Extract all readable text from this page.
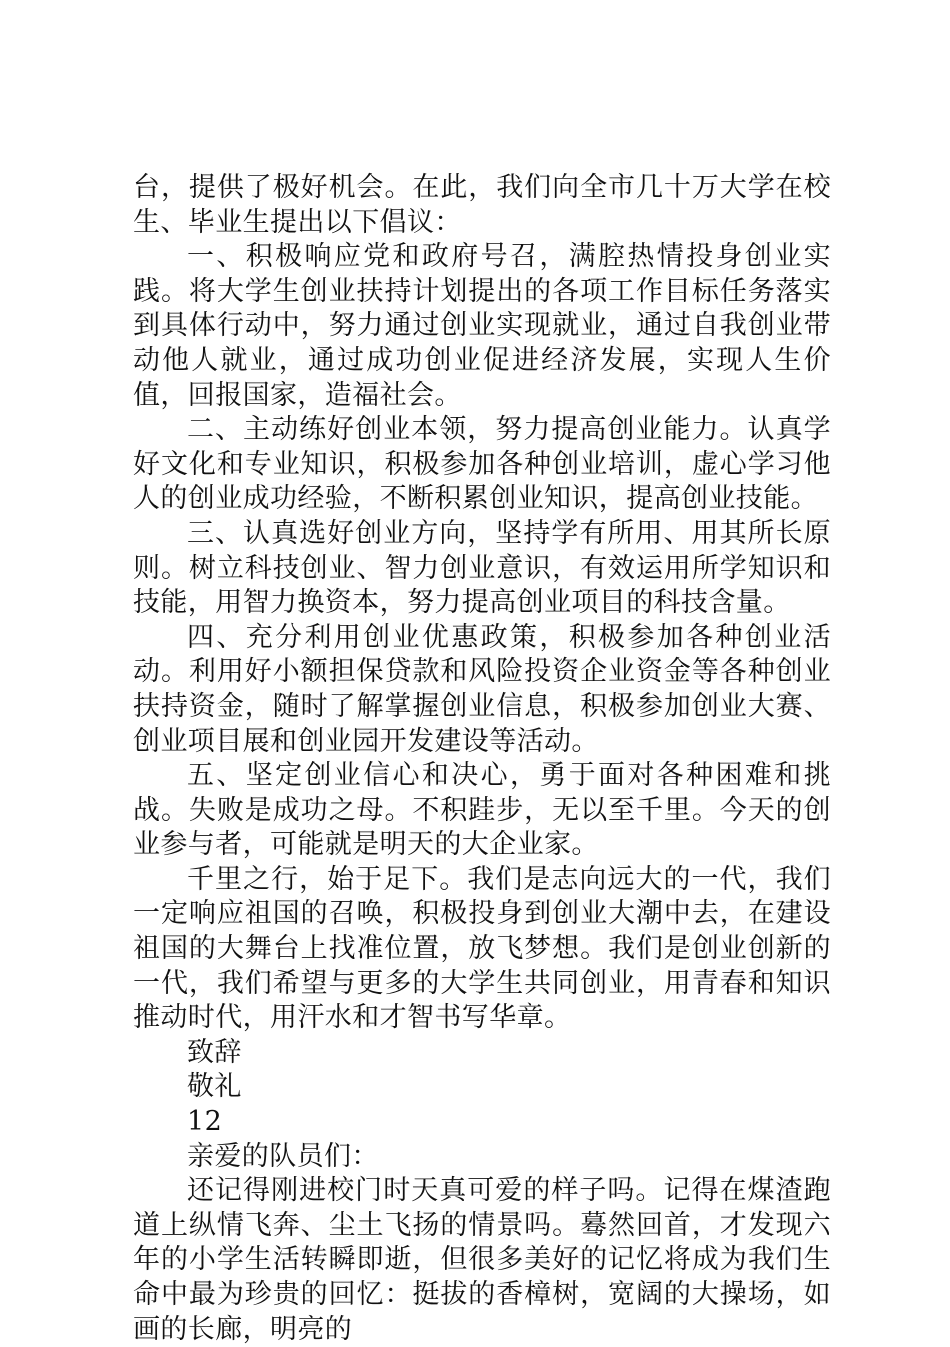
台，提供了极好机会。在此，我们向全市几十万大学在校生、毕业生提出以下倡议：

一、积极响应党和政府号召，满腔热情投身创业实践。将大学生创业扶持计划提出的各项工作目标任务落实到具体行动中，努力通过创业实现就业，通过自我创业带动他人就业，通过成功创业促进经济发展，实现人生价值，回报国家，造福社会。

二、主动练好创业本领，努力提高创业能力。认真学好文化和专业知识，积极参加各种创业培训，虚心学习他人的创业成功经验，不断积累创业知识，提高创业技能。

三、认真选好创业方向，坚持学有所用、用其所长原则。树立科技创业、智力创业意识，有效运用所学知识和技能，用智力换资本，努力提高创业项目的科技含量。

四、充分利用创业优惠政策，积极参加各种创业活动。利用好小额担保贷款和风险投资企业资金等各种创业扶持资金，随时了解掌握创业信息，积极参加创业大赛、创业项目展和创业园开发建设等活动。

五、坚定创业信心和决心，勇于面对各种困难和挑战。失败是成功之母。不积跬步，无以至千里。今天的创业参与者，可能就是明天的大企业家。

千里之行，始于足下。我们是志向远大的一代，我们一定响应祖国的召唤，积极投身到创业大潮中去，在建设祖国的大舞台上找准位置，放飞梦想。我们是创业创新的一代，我们希望与更多的大学生共同创业，用青春和知识推动时代，用汗水和才智书写华章。

致辞

敬礼

12

亲爱的队员们：

还记得刚进校门时天真可爱的样子吗。记得在煤渣跑道上纵情飞奔、尘土飞扬的情景吗。蓦然回首，才发现六年的小学生活转瞬即逝，但很多美好的记忆将成为我们生命中最为珍贵的回忆：挺拔的香樟树，宽阔的大操场，如画的长廊，明亮的
